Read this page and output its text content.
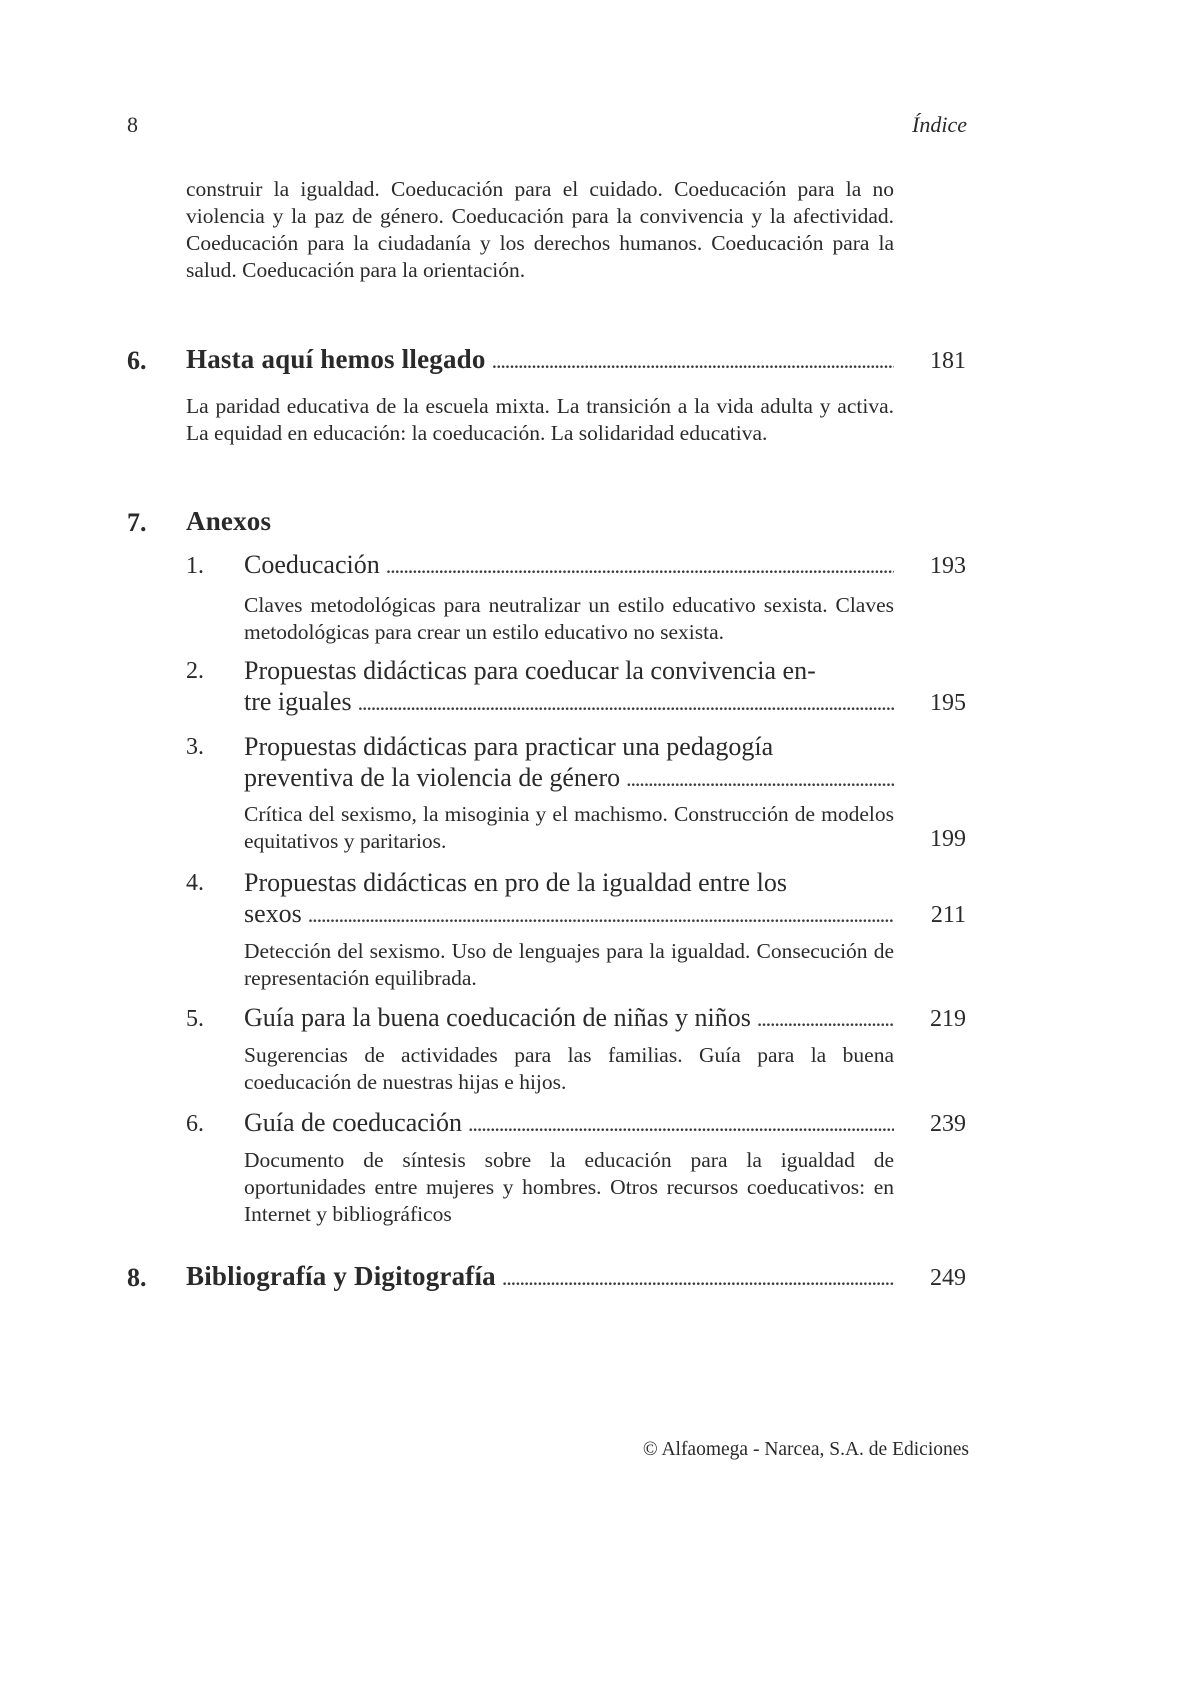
8	Índice
construir la igualdad. Coeducación para el cuidado. Coeducación para la no violencia y la paz de género. Coeducación para la convivencia y la afectividad. Coeducación para la ciudadanía y los derechos humanos. Coeducación para la salud. Coeducación para la orientación.
6. Hasta aquí hemos llegado . . .	181
La paridad educativa de la escuela mixta. La transición a la vida adulta y activa. La equidad en educación: la coeducación. La solidaridad educativa.
7. Anexos
1. Coeducación . . .	193
Claves metodológicas para neutralizar un estilo educativo sexista. Claves metodológicas para crear un estilo educativo no sexista.
2. Propuestas didácticas para coeducar la convivencia en-
tre iguales . . .	195
3. Propuestas didácticas para practicar una pedagogía
preventiva de la violencia de género
. . .
Crítica del sexismo, la misoginia y el machismo. Construcción de modelos equitativos y paritarios.	199
4. Propuestas didácticas en pro de la igualdad entre los
sexos . . .	211
Detección del sexismo. Uso de lenguajes para la igualdad. Consecución de representación equilibrada.
5. Guía para la buena coeducación de niñas y niños . . .	219
Sugerencias de actividades para las familias. Guía para la buena coeducación de nuestras hijas e hijos.
6. Guía de coeducación . . .	239
Documento de síntesis sobre la educación para la igualdad de oportunidades entre mujeres y hombres. Otros recursos coeducativos: en Internet y bibliográficos
8. Bibliografía y Digitografía . . .	249
© Alfaomega - Narcea, S.A. de Ediciones
